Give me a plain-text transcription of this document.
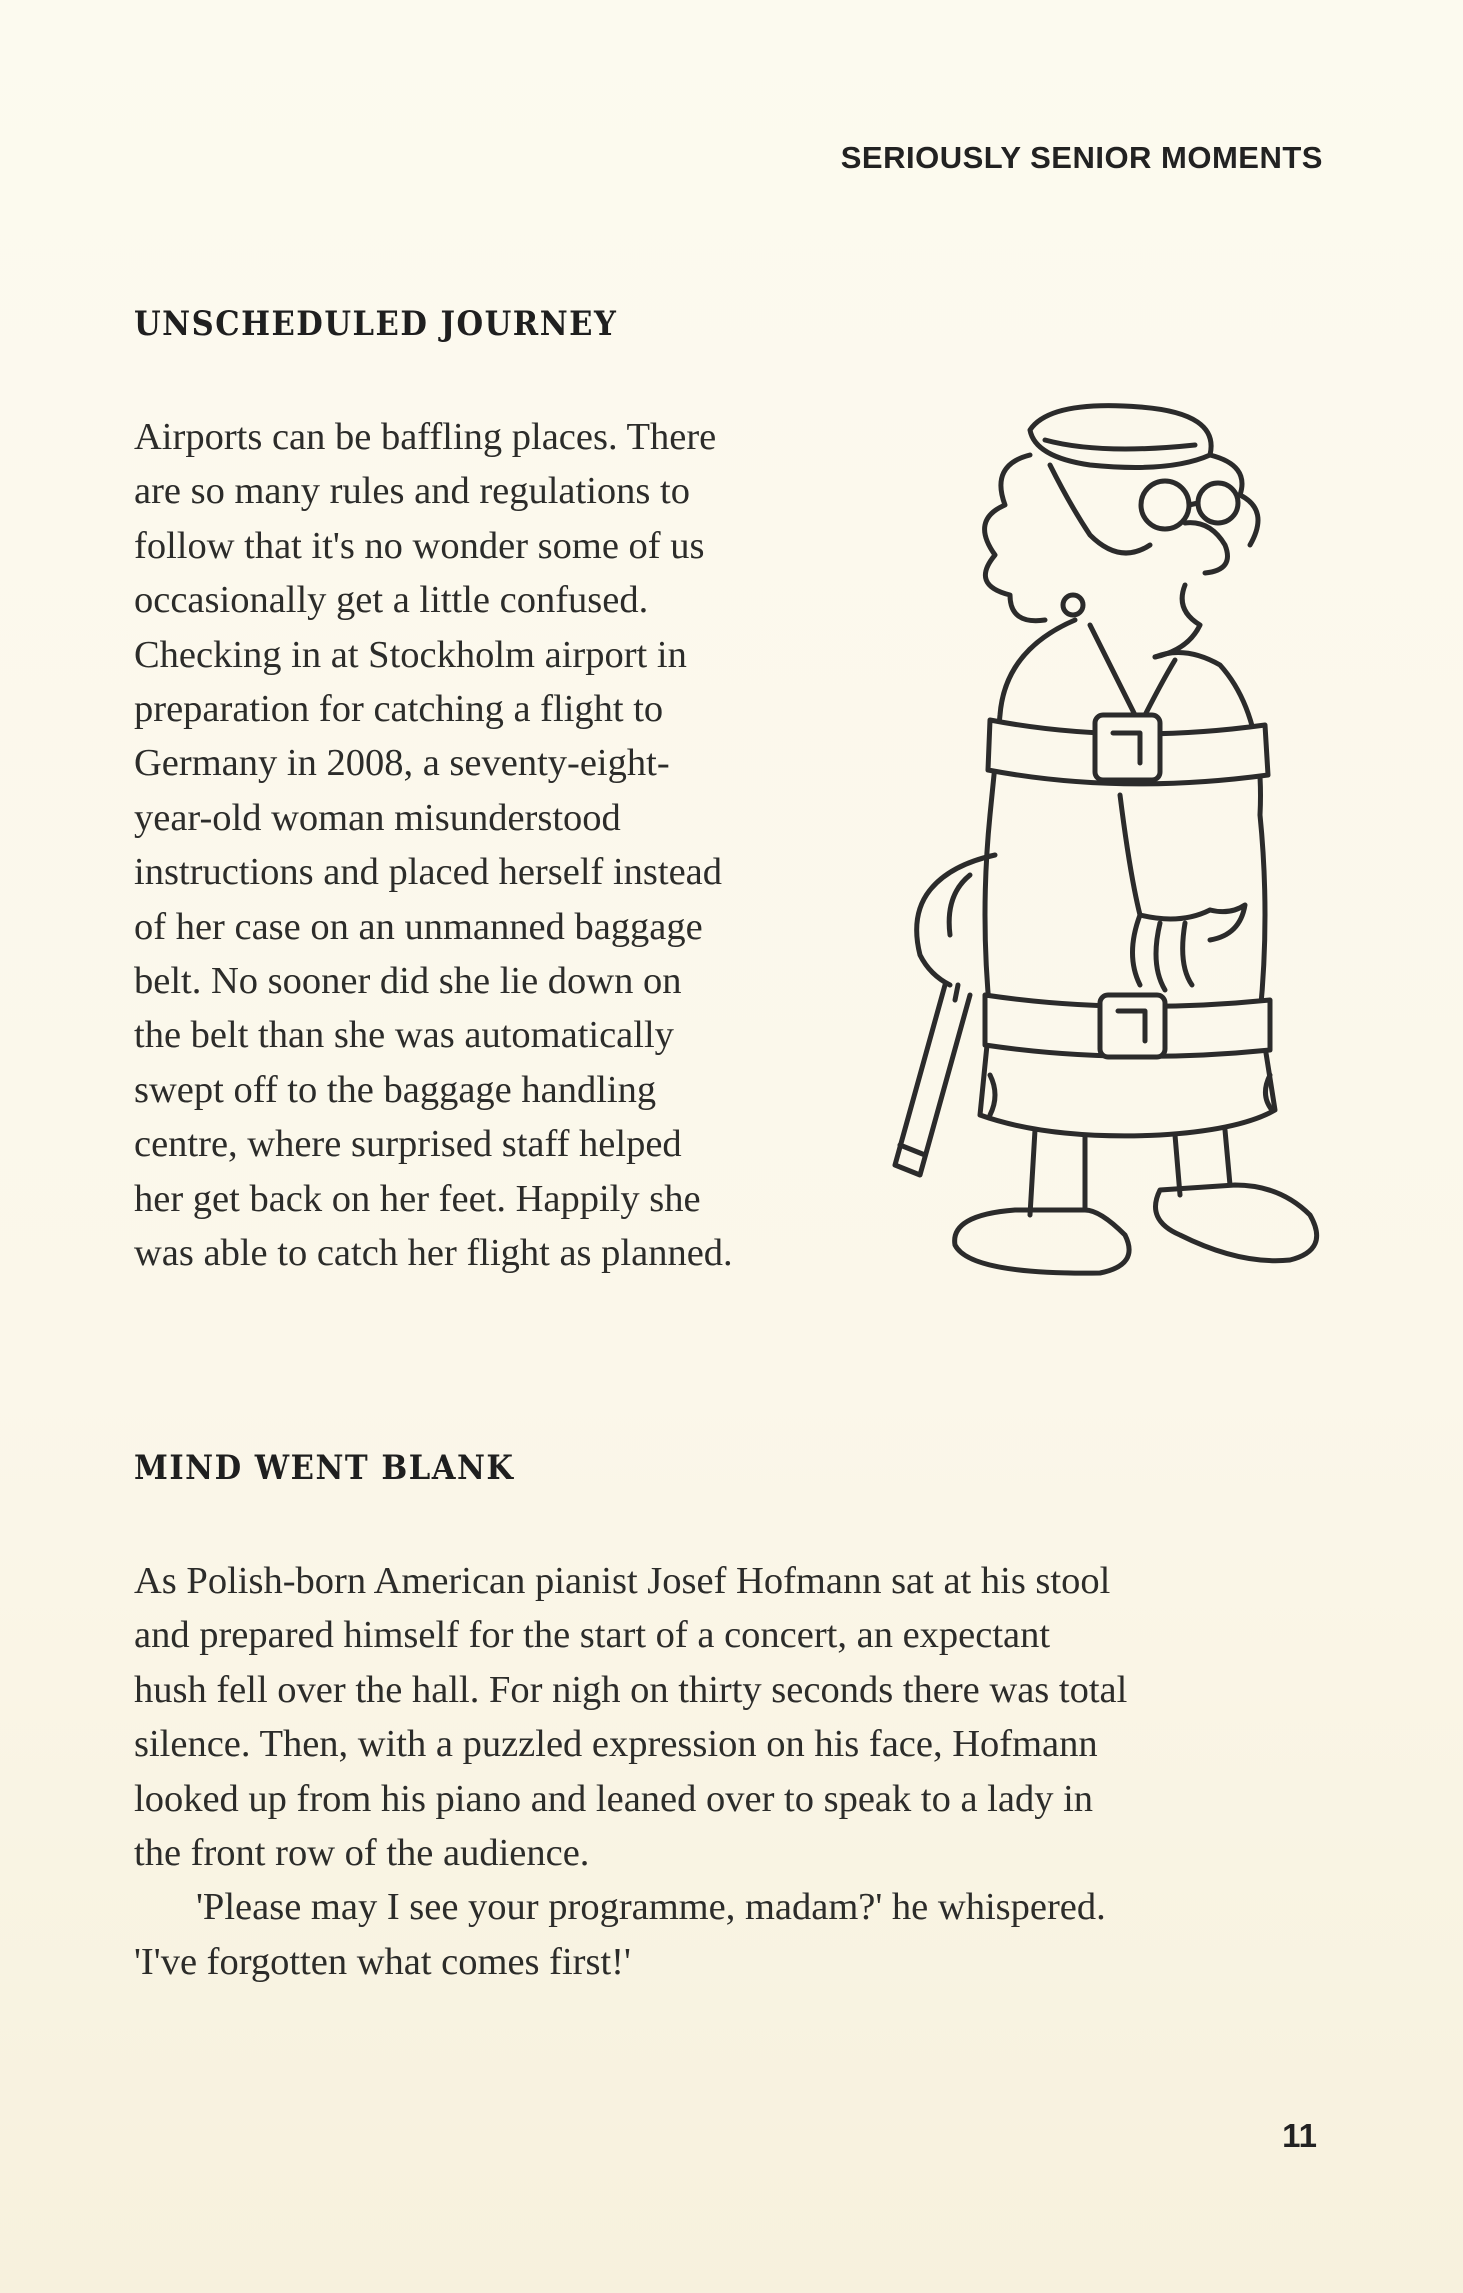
SERIOUSLY SENIOR MOMENTS
UNSCHEDULED JOURNEY
Airports can be baffling places. There
are so many rules and regulations to
follow that it's no wonder some of us
occasionally get a little confused.
Checking in at Stockholm airport in
preparation for catching a flight to
Germany in 2008, a seventy-eight-
year-old woman misunderstood
instructions and placed herself instead
of her case on an unmanned baggage
belt. No sooner did she lie down on
the belt than she was automatically
swept off to the baggage handling
centre, where surprised staff helped
her get back on her feet. Happily she
was able to catch her flight as planned.
MIND WENT BLANK
As Polish-born American pianist Josef Hofmann sat at his stool
and prepared himself for the start of a concert, an expectant
hush fell over the hall. For nigh on thirty seconds there was total
silence. Then, with a puzzled expression on his face, Hofmann
looked up from his piano and leaned over to speak to a lady in
the front row of the audience.
'Please may I see your programme, madam?' he whispered.
'I've forgotten what comes first!'
11
